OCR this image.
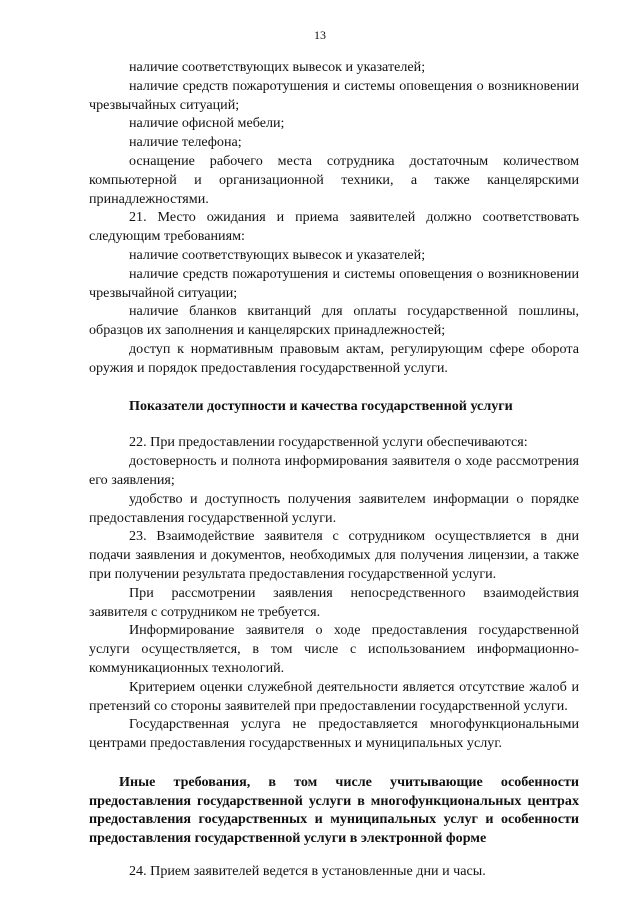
13

наличие соответствующих вывесок и указателей;

наличие средств пожаротушения и системы оповещения о возникновении чрезвычайных ситуаций;

наличие офисной мебели;

наличие телефона;

оснащение рабочего места сотрудника достаточным количеством компьютерной и организационной техники, а также канцелярскими принадлежностями.

21. Место ожидания и приема заявителей должно соответствовать следующим требованиям:

наличие соответствующих вывесок и указателей;

наличие средств пожаротушения и системы оповещения о возникновении чрезвычайной ситуации;

наличие бланков квитанций для оплаты государственной пошлины, образцов их заполнения и канцелярских принадлежностей;

доступ к нормативным правовым актам, регулирующим сфере оборота оружия и порядок предоставления государственной услуги.

Показатели доступности и качества государственной услуги

22. При предоставлении государственной услуги обеспечиваются:

достоверность и полнота информирования заявителя о ходе рассмотрения его заявления;

удобство и доступность получения заявителем информации о порядке предоставления государственной услуги.

23. Взаимодействие заявителя с сотрудником осуществляется в дни подачи заявления и документов, необходимых для получения лицензии, а также при получении результата предоставления государственной услуги.

При рассмотрении заявления непосредственного взаимодействия заявителя с сотрудником не требуется.

Информирование заявителя о ходе предоставления государственной услуги осуществляется, в том числе с использованием информационно-коммуникационных технологий.

Критерием оценки служебной деятельности является отсутствие жалоб и претензий со стороны заявителей при предоставлении государственной услуги.

Государственная услуга не предоставляется многофункциональными центрами предоставления государственных и муниципальных услуг.

Иные требования, в том числе учитывающие особенности предоставления государственной услуги в многофункциональных центрах предоставления государственных и муниципальных услуг и особенности предоставления государственной услуги в электронной форме

24. Прием заявителей ведется в установленные дни и часы.
